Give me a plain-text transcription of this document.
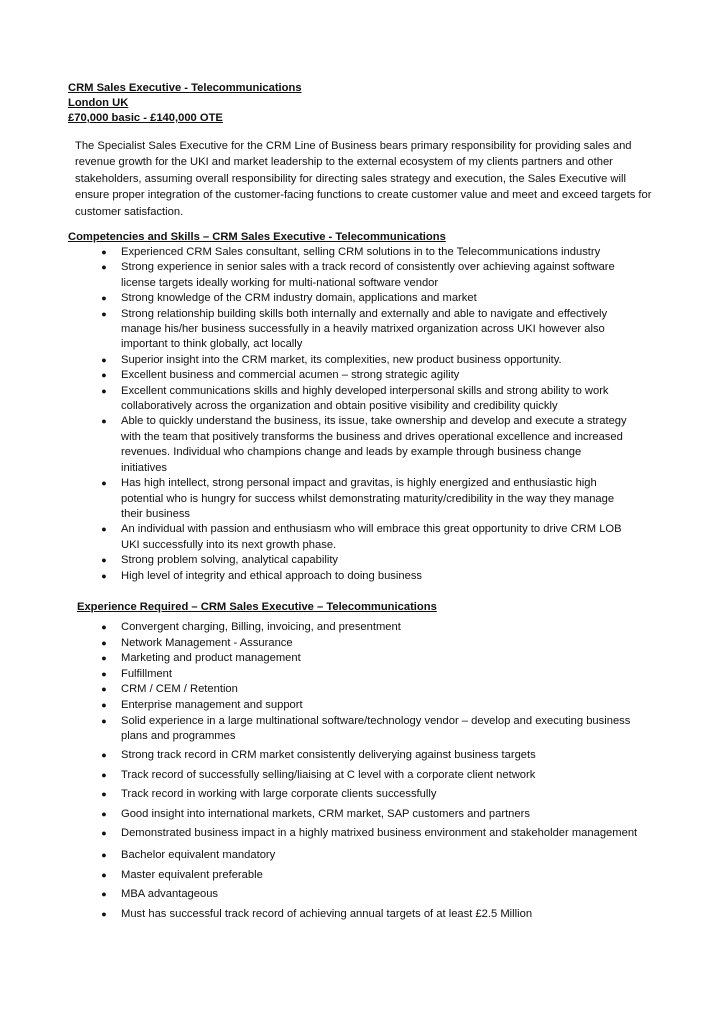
CRM Sales Executive - Telecommunications
London UK
£70,000 basic - £140,000 OTE
The Specialist Sales Executive for the CRM Line of Business bears primary responsibility for providing sales and revenue growth for the UKI and market leadership to the external ecosystem of my clients partners and other stakeholders, assuming overall responsibility for directing sales strategy and execution, the Sales Executive will ensure proper integration of the customer-facing functions to create customer value and meet and exceed targets for customer satisfaction.
Competencies and Skills – CRM Sales Executive - Telecommunications
● Experienced CRM Sales consultant, selling CRM solutions in to the Telecommunications industry
● Strong experience in senior sales with a track record of consistently over achieving against software license targets ideally working for multi-national software vendor
● Strong knowledge of the CRM industry domain, applications and market
● Strong relationship building skills both internally and externally and able to navigate and effectively manage his/her business successfully in a heavily matrixed organization across UKI however also important to think globally, act locally
● Superior insight into the CRM market, its complexities, new product business opportunity.
● Excellent business and commercial acumen – strong strategic agility
● Excellent communications skills and highly developed interpersonal skills and strong ability to work collaboratively across the organization and obtain positive visibility and credibility quickly
● Able to quickly understand the business, its issue, take ownership and develop and execute a strategy with the team that positively transforms the business and drives operational excellence and increased revenues. Individual who champions change and leads by example through business change initiatives
● Has high intellect, strong personal impact and gravitas, is highly energized and enthusiastic high potential who is hungry for success whilst demonstrating maturity/credibility in the way they manage their business
● An individual with passion and enthusiasm who will embrace this great opportunity to drive CRM LOB UKI successfully into its next growth phase.
● Strong problem solving, analytical capability
● High level of integrity and ethical approach to doing business
Experience Required – CRM Sales Executive – Telecommunications
● Convergent charging, Billing, invoicing, and presentment
● Network Management - Assurance
● Marketing and product management
● Fulfillment
● CRM / CEM / Retention
● Enterprise management and support
● Solid experience in a large multinational software/technology vendor – develop and executing business plans and programmes
● Strong track record in CRM market consistently deliverying against business targets
● Track record of successfully selling/liaising at C level with a corporate client network
● Track record in working with large corporate clients successfully
● Good insight into international markets, CRM market, SAP customers and partners
● Demonstrated business impact in a highly matrixed business environment and stakeholder management
● Bachelor equivalent mandatory
● Master equivalent preferable
● MBA advantageous
● Must has successful track record of achieving annual targets of at least £2.5 Million
